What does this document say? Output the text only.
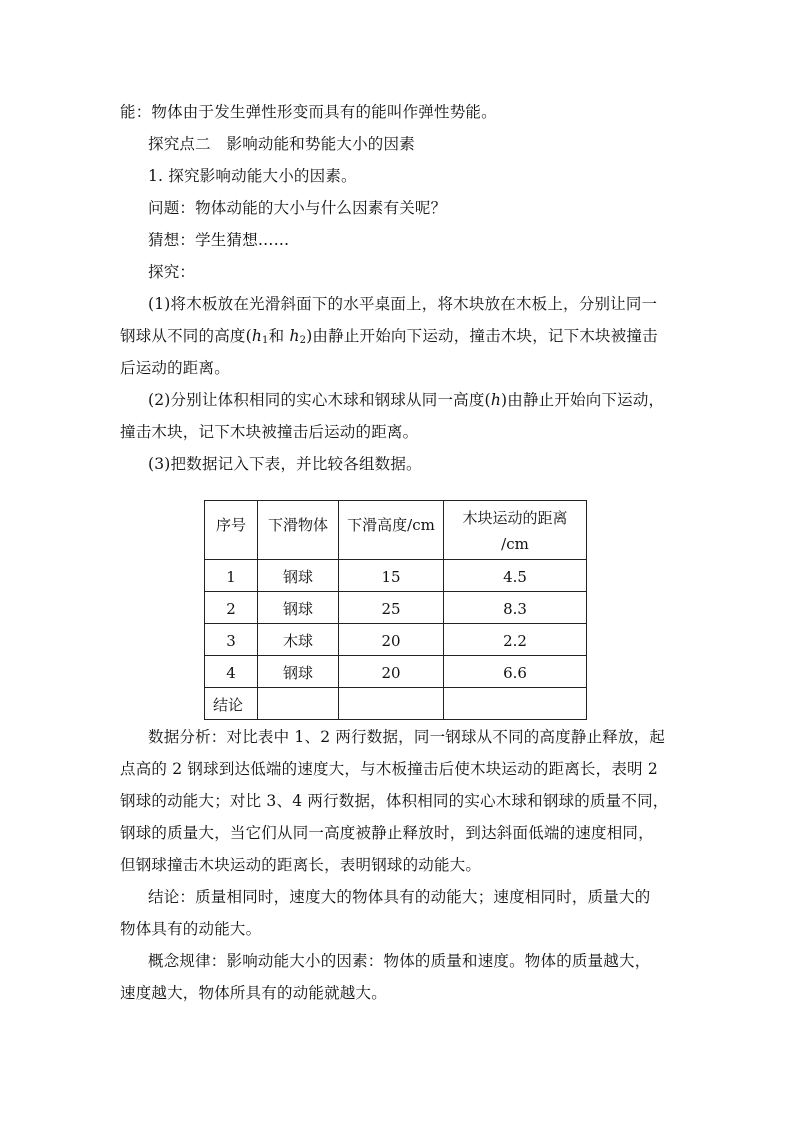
能：物体由于发生弹性形变而具有的能叫作弹性势能。
探究点二　影响动能和势能大小的因素
1. 探究影响动能大小的因素。
问题：物体动能的大小与什么因素有关呢？
猜想：学生猜想……
探究：
(1)将木板放在光滑斜面下的水平桌面上，将木块放在木板上，分别让同一
钢球从不同的高度($h_1$和 $h_2$)由静止开始向下运动，撞击木块，记下木块被撞击
后运动的距离。
(2)分别让体积相同的实心木球和钢球从同一高度(h)由静止开始向下运动，
撞击木块，记下木块被撞击后运动的距离。
(3)把数据记入下表，并比较各组数据。
序号	下滑物体	下滑高度/cm	木块运动的距离
/cm

1	钢球	15	4.5

2	钢球	25	8.3

3	木球	20	2.2

4	钢球	20	6.6

结论			

数据分析：对比表中 1、2 两行数据，同一钢球从不同的高度静止释放，起
点高的 2 钢球到达低端的速度大，与木板撞击后使木块运动的距离长，表明 2
钢球的动能大；对比 3、4 两行数据，体积相同的实心木球和钢球的质量不同，
钢球的质量大，当它们从同一高度被静止释放时，到达斜面低端的速度相同，
但钢球撞击木块运动的距离长，表明钢球的动能大。
结论：质量相同时，速度大的物体具有的动能大；速度相同时，质量大的
物体具有的动能大。
概念规律：影响动能大小的因素：物体的质量和速度。物体的质量越大，
速度越大，物体所具有的动能就越大。
